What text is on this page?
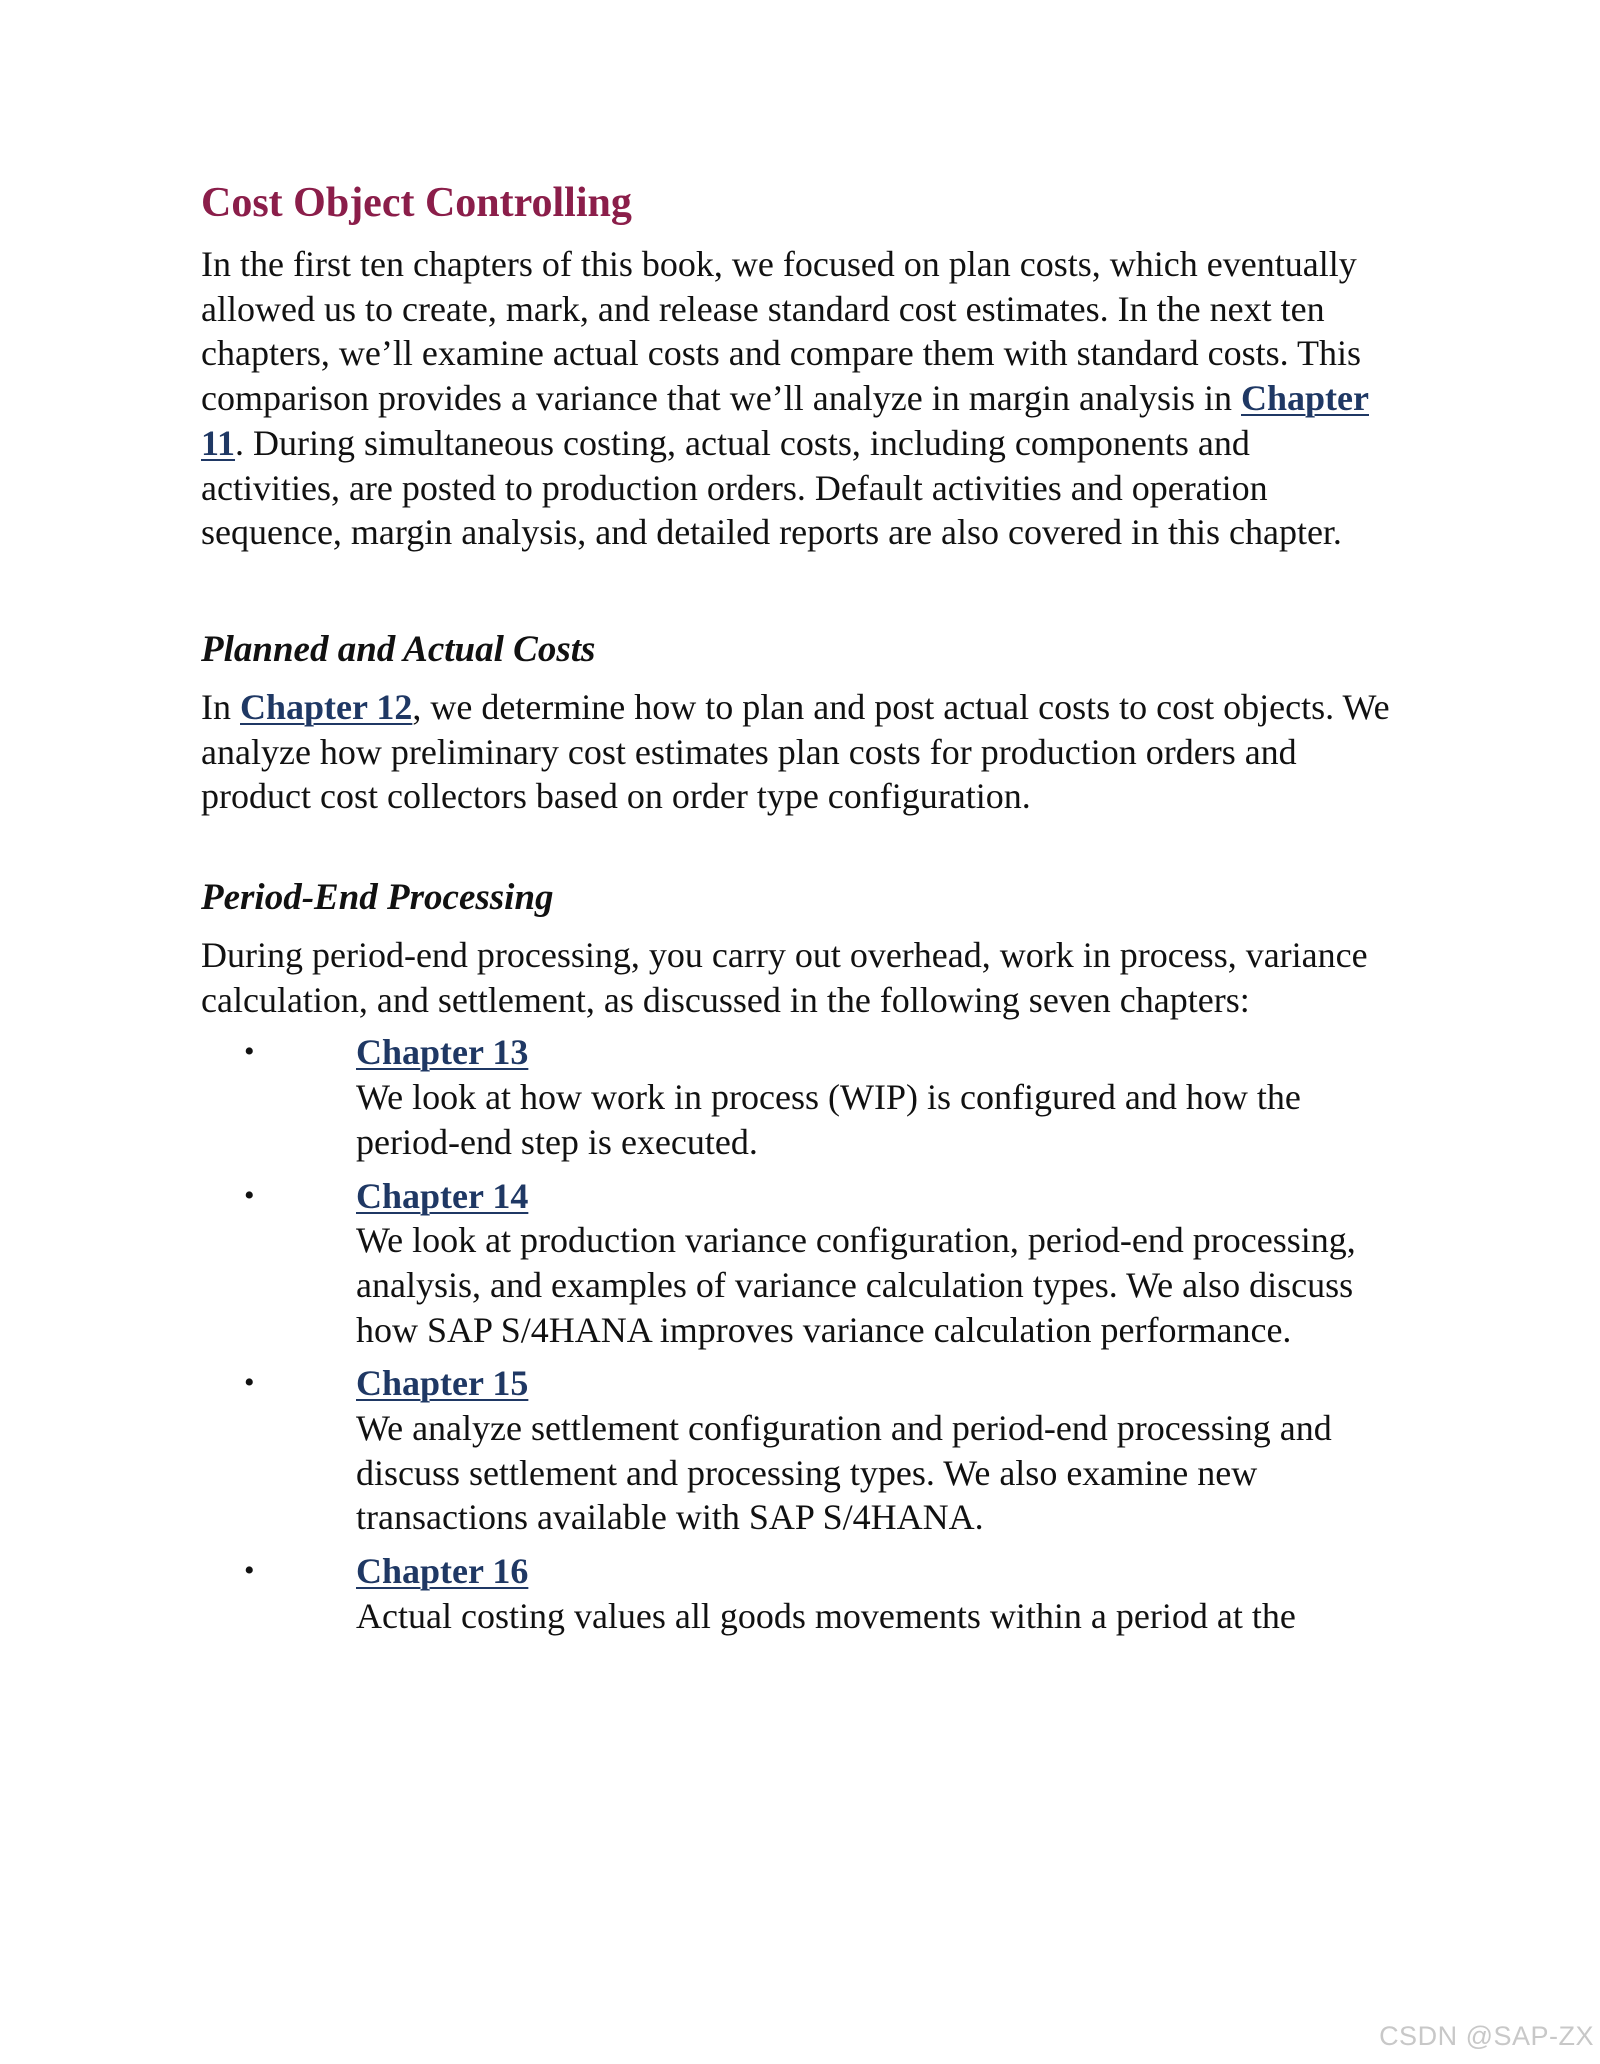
Cost Object Controlling

In the first ten chapters of this book, we focused on plan costs, which eventually allowed us to create, mark, and release standard cost estimates. In the next ten chapters, we’ll examine actual costs and compare them with standard costs. This comparison provides a variance that we’ll analyze in margin analysis in Chapter 11. During simultaneous costing, actual costs, including components and activities, are posted to production orders. Default activities and operation sequence, margin analysis, and detailed reports are also covered in this chapter.

Planned and Actual Costs

In Chapter 12, we determine how to plan and post actual costs to cost objects. We analyze how preliminary cost estimates plan costs for production orders and product cost collectors based on order type configuration.

Period-End Processing

During period-end processing, you carry out overhead, work in process, variance calculation, and settlement, as discussed in the following seven chapters:

•	Chapter 13
We look at how work in process (WIP) is configured and how the period-end step is executed.
•	Chapter 14
We look at production variance configuration, period-end processing, analysis, and examples of variance calculation types. We also discuss how SAP S/4HANA improves variance calculation performance.
•	Chapter 15
We analyze settlement configuration and period-end processing and discuss settlement and processing types. We also examine new transactions available with SAP S/4HANA.
•	Chapter 16
Actual costing values all goods movements within a period at the
CSDN @SAP-ZX
